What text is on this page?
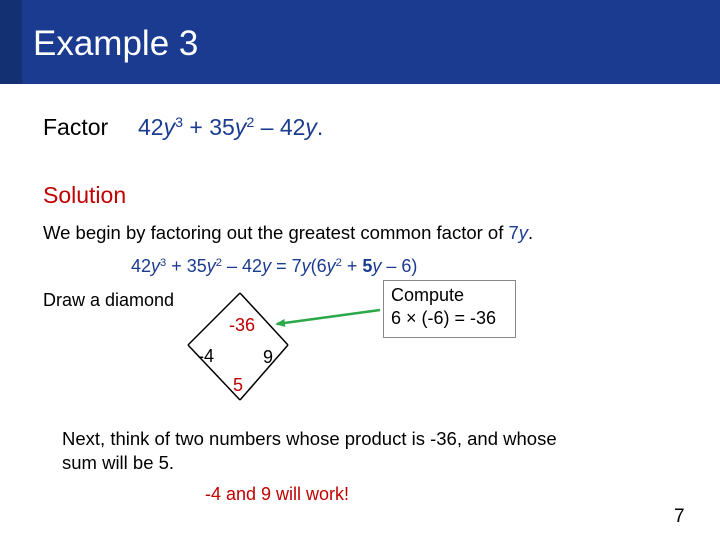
Example 3
Factor $42y^3 + 35y^2 - 42y$.
Solution
We begin by factoring out the greatest common factor of 7y.
$42y^3 + 35y^2 - 42y = 7y(6y^2 + 5y - 6)$
Draw a diamond	Compute
6 × (-6) = -36
-36
-4	9
5
Next, think of two numbers whose product is -36, and whose
sum will be 5.
-4 and 9 will work!
7
